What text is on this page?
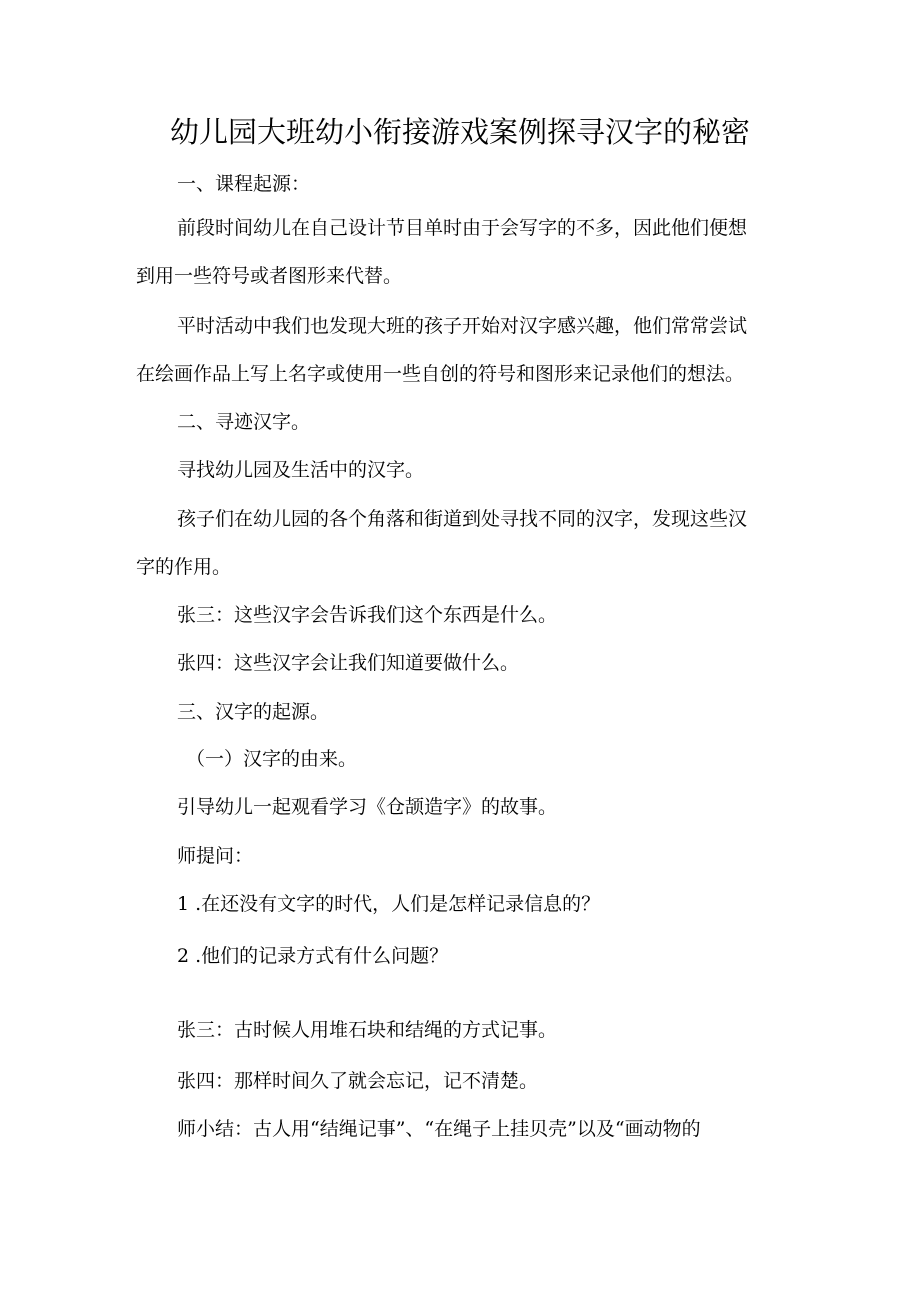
幼儿园大班幼小衔接游戏案例探寻汉字的秘密
一、课程起源：
前段时间幼儿在自己设计节目单时由于会写字的不多，因此他们便想
到用一些符号或者图形来代替。
平时活动中我们也发现大班的孩子开始对汉字感兴趣，他们常常尝试
在绘画作品上写上名字或使用一些自创的符号和图形来记录他们的想法。
二、寻迹汉字。
寻找幼儿园及生活中的汉字。
孩子们在幼儿园的各个角落和街道到处寻找不同的汉字，发现这些汉
字的作用。
张三：这些汉字会告诉我们这个东西是什么。
张四：这些汉字会让我们知道要做什么。
三、汉字的起源。
（一）汉字的由来。
引导幼儿一起观看学习《仓颉造字》的故事。
师提问：
1 .在还没有文字的时代，人们是怎样记录信息的？
2 .他们的记录方式有什么问题？
张三：古时候人用堆石块和结绳的方式记事。
张四：那样时间久了就会忘记，记不清楚。
师小结：古人用“结绳记事”、“在绳子上挂贝壳”以及“画动物的
